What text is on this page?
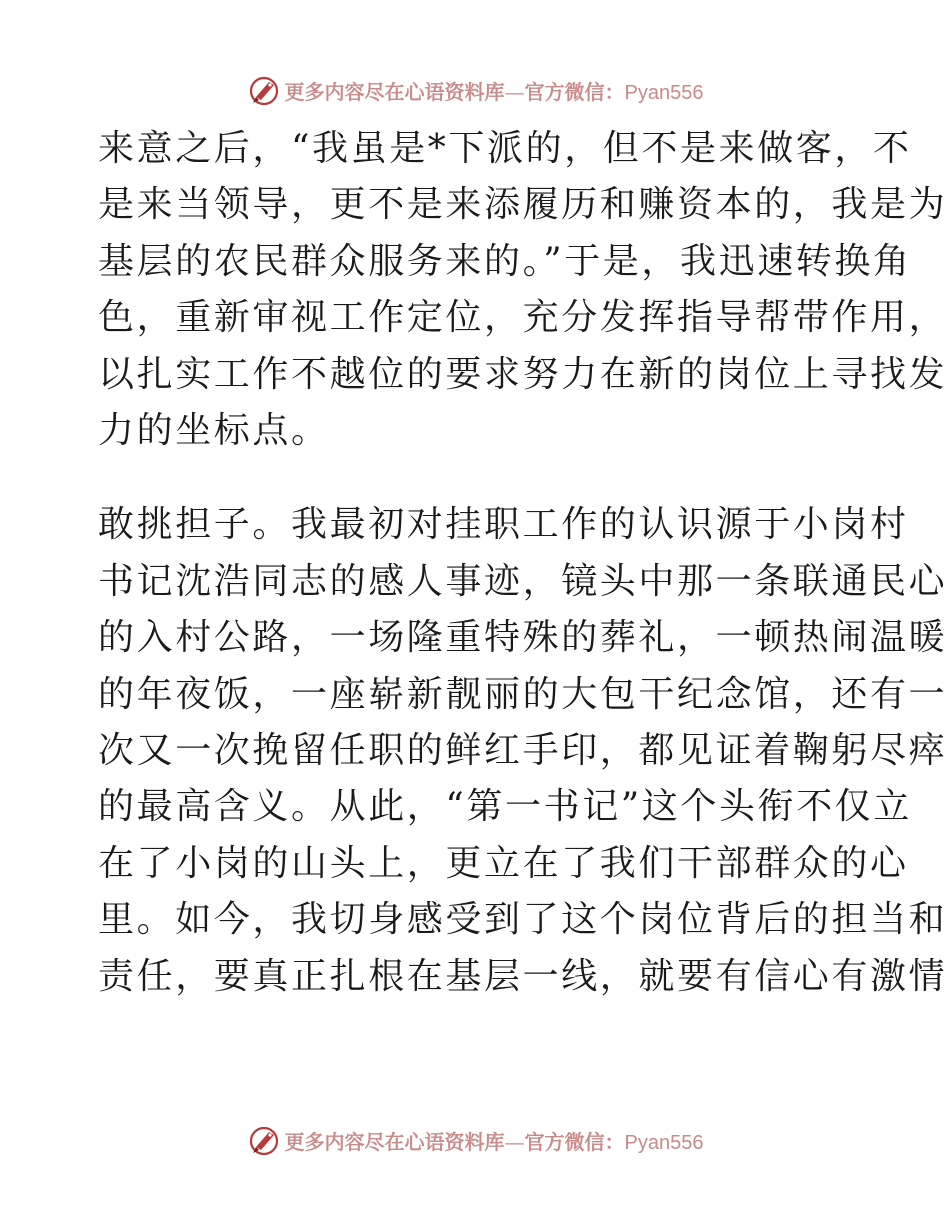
更多内容尽在心语资料库—官方微信：Pyan556

来意之后，“我虽是*下派的，但不是来做客，不
是来当领导，更不是来添履历和赚资本的，我是为
基层的农民群众服务来的。”于是，我迅速转换角
色，重新审视工作定位，充分发挥指导帮带作用，
以扎实工作不越位的要求努力在新的岗位上寻找发
力的坐标点。

敢挑担子。我最初对挂职工作的认识源于小岗村
书记沈浩同志的感人事迹，镜头中那一条联通民心
的入村公路，一场隆重特殊的葬礼，一顿热闹温暖
的年夜饭，一座崭新靓丽的大包干纪念馆，还有一
次又一次挽留任职的鲜红手印，都见证着鞠躬尽瘁
的最高含义。从此，“第一书记”这个头衔不仅立
在了小岗的山头上，更立在了我们干部群众的心
里。如今，我切身感受到了这个岗位背后的担当和
责任，要真正扎根在基层一线，就要有信心有激情

更多内容尽在心语资料库—官方微信：Pyan556
